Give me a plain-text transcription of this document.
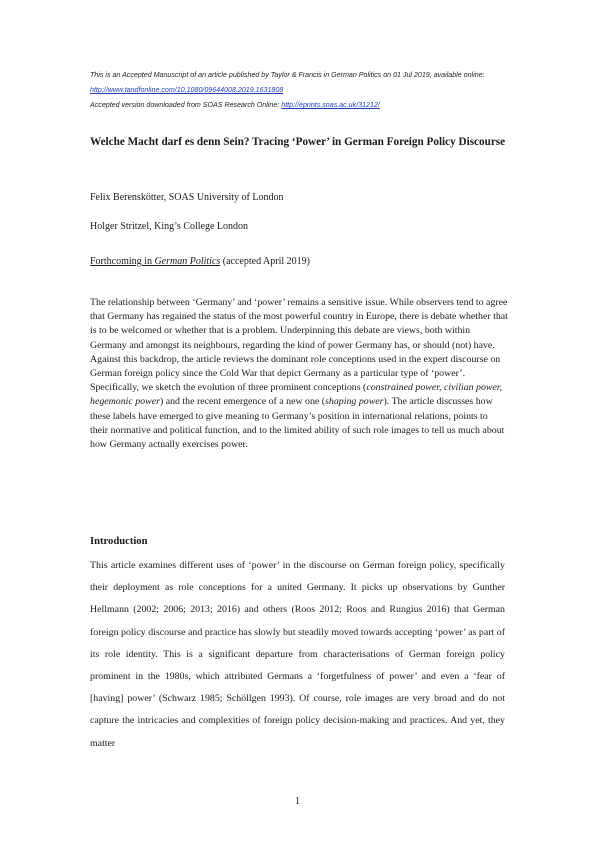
This is an Accepted Manuscript of an article published by Taylor & Francis in German Politics on 01 Jul 2019, available online: http://www.tandfonline.com/10.1080/09644008.2019.1631808
Accepted version downloaded from SOAS Research Online: http://eprints.soas.ac.uk/31212/
Welche Macht darf es denn Sein? Tracing ‘Power’ in German Foreign Policy Discourse
Felix Berenskötter, SOAS University of London
Holger Stritzel, King’s College London
Forthcoming in German Politics (accepted April 2019)

The relationship between ‘Germany’ and ‘power’ remains a sensitive issue. While observers tend to agree that Germany has regained the status of the most powerful country in Europe, there is debate whether that is to be welcomed or whether that is a problem. Underpinning this debate are views, both within Germany and amongst its neighbours, regarding the kind of power Germany has, or should (not) have. Against this backdrop, the article reviews the dominant role conceptions used in the expert discourse on German foreign policy since the Cold War that depict Germany as a particular type of ‘power’. Specifically, we sketch the evolution of three prominent conceptions (constrained power, civilian power, hegemonic power) and the recent emergence of a new one (shaping power). The article discusses how these labels have emerged to give meaning to Germany’s position in international relations, points to their normative and political function, and to the limited ability of such role images to tell us much about how Germany actually exercises power.

Introduction

This article examines different uses of ‘power’ in the discourse on German foreign policy, specifically their deployment as role conceptions for a united Germany. It picks up observations by Gunther Hellmann (2002; 2006; 2013; 2016) and others (Roos 2012; Roos and Rungius 2016) that German foreign policy discourse and practice has slowly but steadily moved towards accepting ‘power’ as part of its role identity. This is a significant departure from characterisations of German foreign policy prominent in the 1980s, which attributed Germans a ‘forgetfulness of power’ and even a ‘fear of [having] power’ (Schwarz 1985; Schöllgen 1993). Of course, role images are very broad and do not capture the intricacies and complexities of foreign policy decision-making and practices. And yet, they matter

1
